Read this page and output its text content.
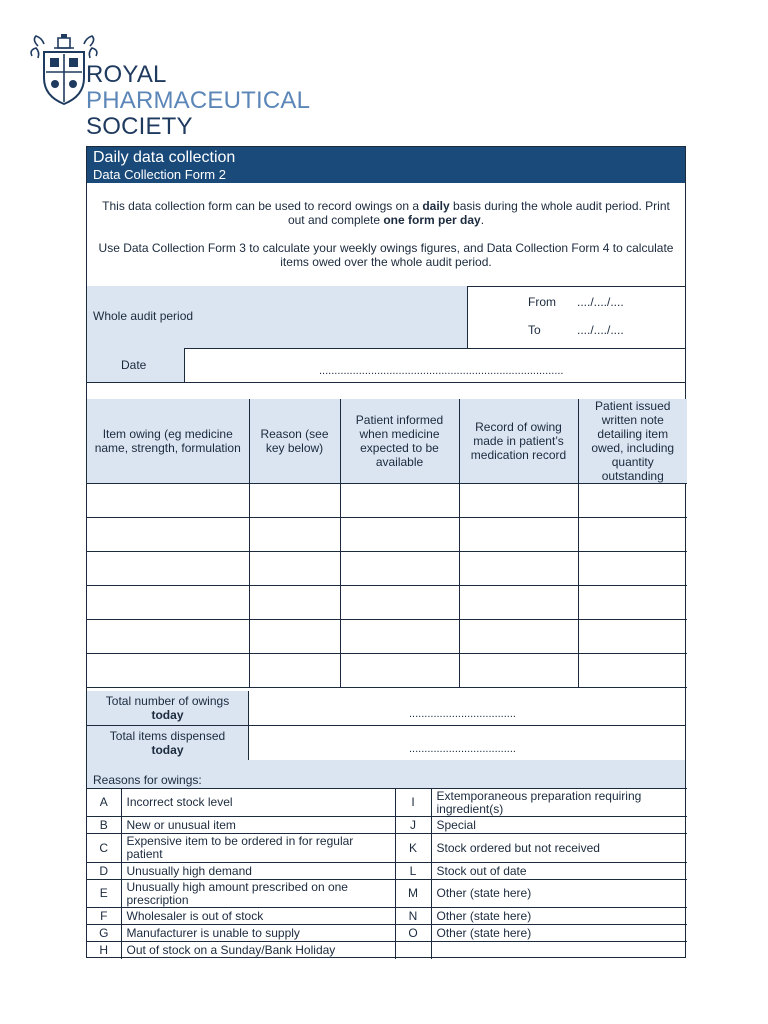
ROYAL
PHARMACEUTICAL
SOCIETY
Daily data collection
Data Collection Form 2

This data collection form can be used to record owings on a daily basis during the whole audit period. Print out and complete one form per day.

Use Data Collection Form 3 to calculate your weekly owings figures, and Data Collection Form 4 to calculate items owed over the whole audit period.

Whole audit period
From ..../..../....
To	..../..../....
Date	................................................................................
Item owing (eg medicine name, strength, formulation	Reason (see key below)	Patient informed when medicine expected to be available	Record of owing made in patient’s medication record	Patient issued written note detailing item owed, including quantity outstanding

Total number of owings
today	...................................
Total items dispensed
today	...................................
Reasons for owings:
A	Incorrect stock level	I	Extemporaneous preparation requiring ingredient(s)
B	New or unusual item	J	Special
C	Expensive item to be ordered in for regular patient	K	Stock ordered but not received
D	Unusually high demand	L	Stock out of date
E	Unusually high amount prescribed on one prescription	M	Other (state here)
F	Wholesaler is out of stock	N	Other (state here)
G	Manufacturer is unable to supply	O	Other (state here)
H	Out of stock on a Sunday/Bank Holiday		
